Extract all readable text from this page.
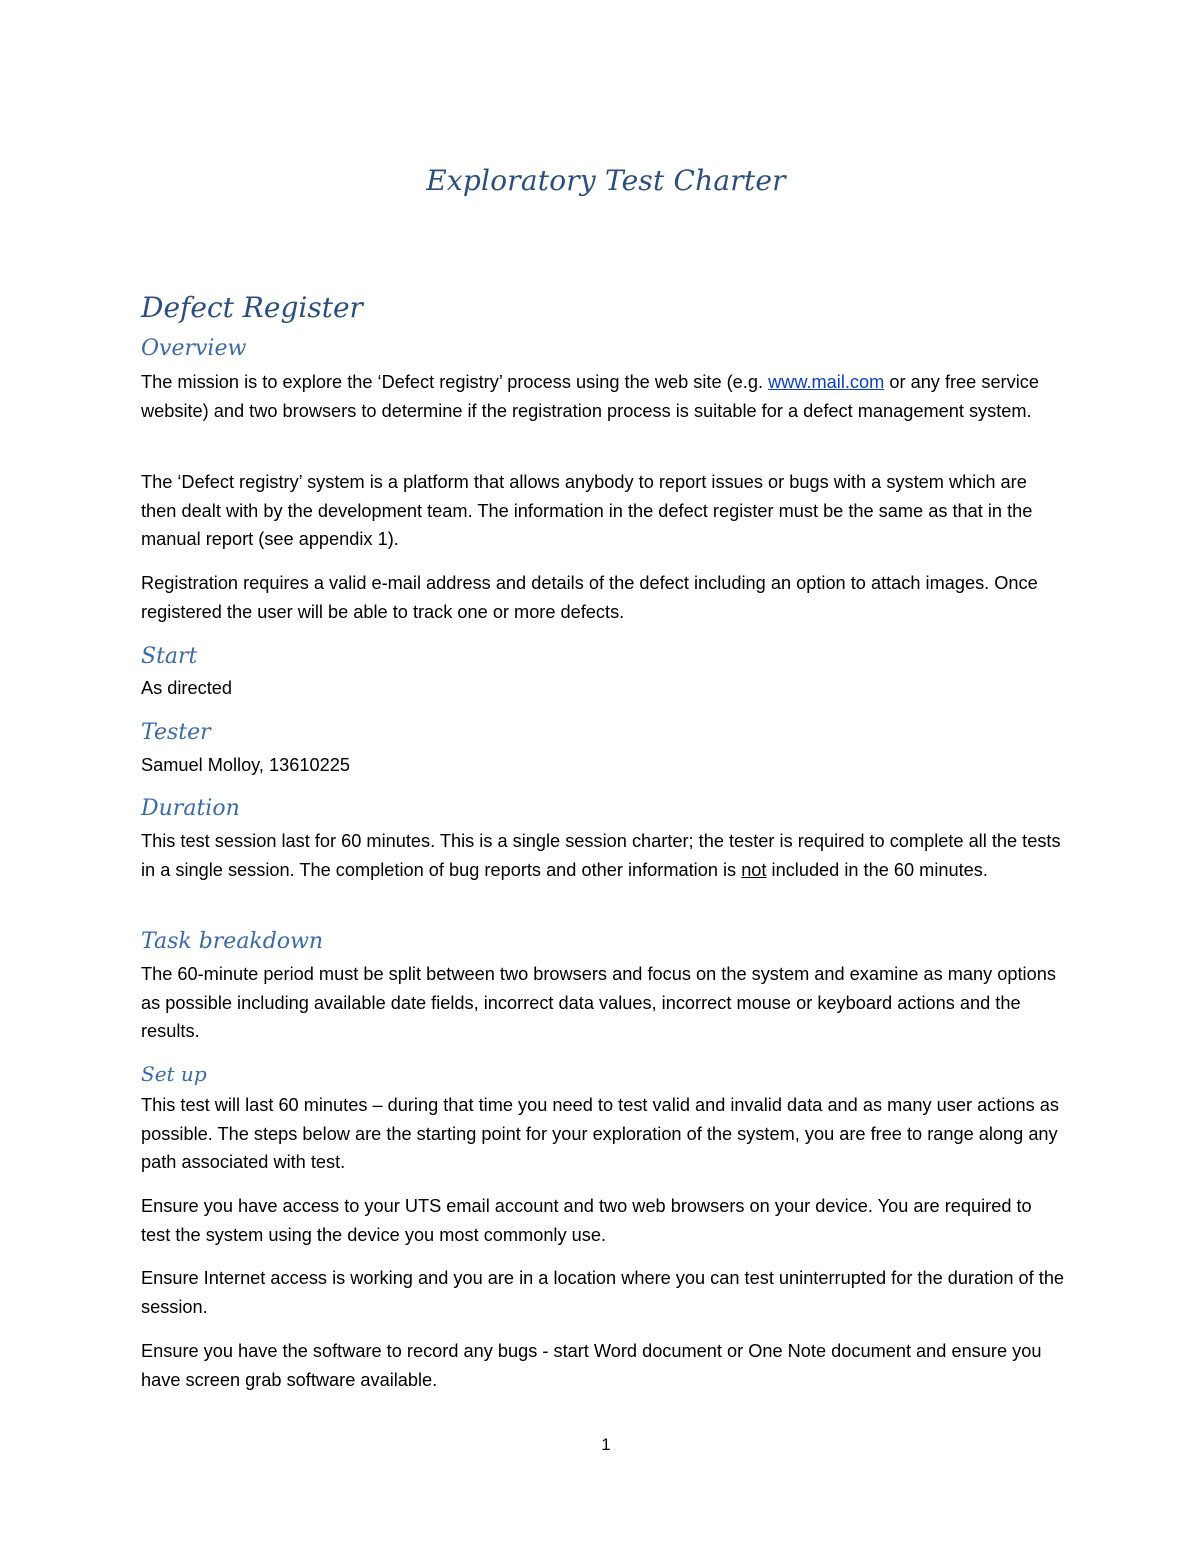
Exploratory Test Charter
Defect Register
Overview

The mission is to explore the ‘Defect registry’ process using the web site (e.g. www.mail.com or any free service website) and two browsers to determine if the registration process is suitable for a defect management system.

The ‘Defect registry’ system is a platform that allows anybody to report issues or bugs with a system which are then dealt with by the development team. The information in the defect register must be the same as that in the manual report (see appendix 1).

Registration requires a valid e-mail address and details of the defect including an option to attach images. Once registered the user will be able to track one or more defects.

Start

As directed

Tester

Samuel Molloy, 13610225

Duration

This test session last for 60 minutes. This is a single session charter; the tester is required to complete all the tests in a single session. The completion of bug reports and other information is not included in the 60 minutes.

Task breakdown

The 60-minute period must be split between two browsers and focus on the system and examine as many options as possible including available date fields, incorrect data values, incorrect mouse or keyboard actions and the results.

Set up

This test will last 60 minutes – during that time you need to test valid and invalid data and as many user actions as possible. The steps below are the starting point for your exploration of the system, you are free to range along any path associated with test.

Ensure you have access to your UTS email account and two web browsers on your device. You are required to test the system using the device you most commonly use.

Ensure Internet access is working and you are in a location where you can test uninterrupted for the duration of the session.

Ensure you have the software to record any bugs - start Word document or One Note document and ensure you have screen grab software available.

1
